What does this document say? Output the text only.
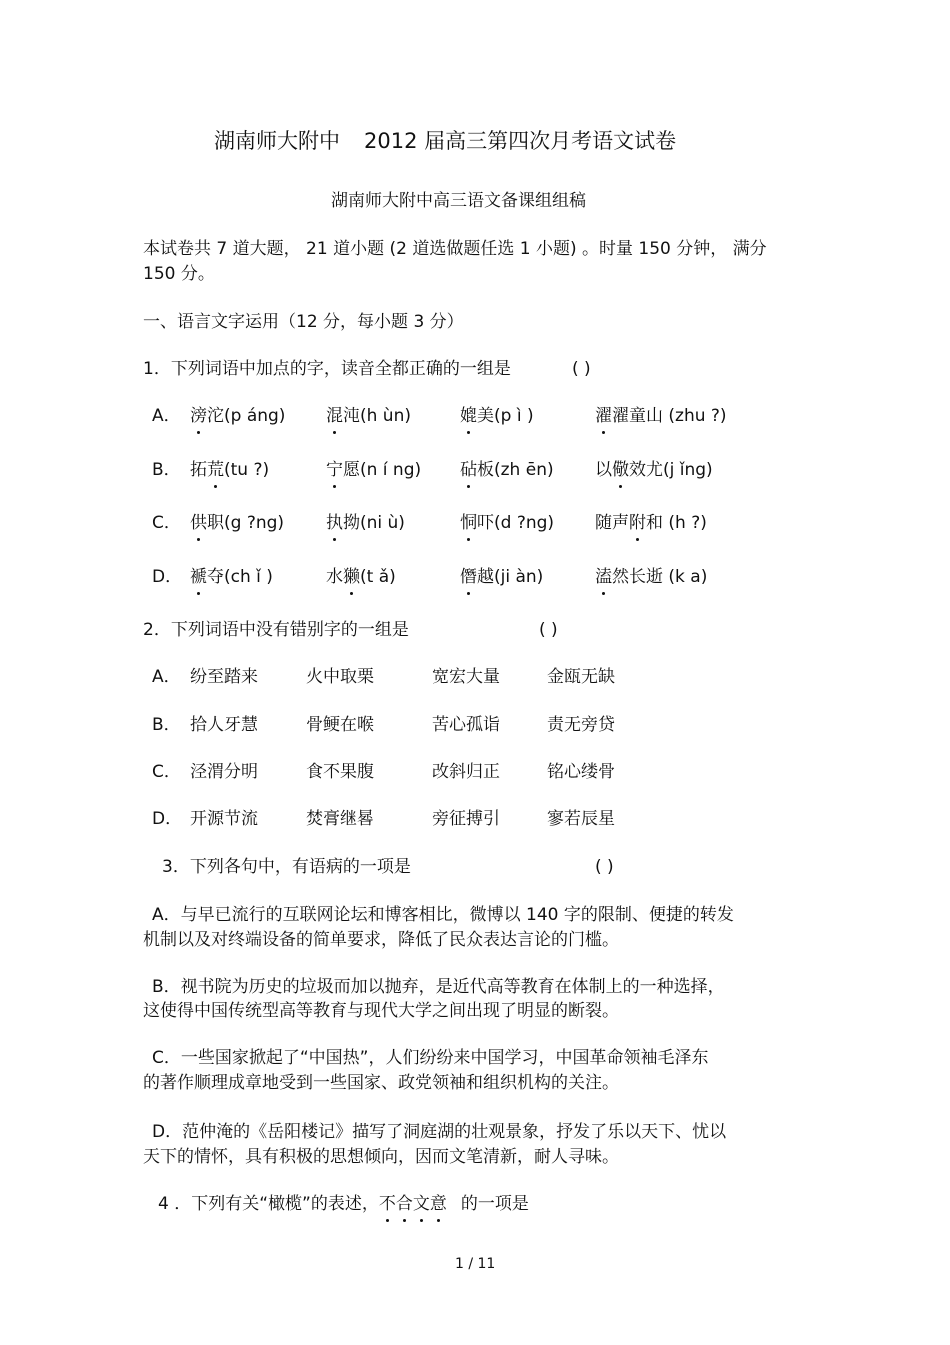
湖南师大附中 2012 届高三第四次月考语文试卷
湖南师大附中高三语文备课组组稿
本试卷共 7 道大题， 21 道小题 (2 道选做题任选 1 小题) 。时量 150 分钟， 满分
150 分。
一、语言文字运用（12 分，每小题 3 分）
1．下列词语中加点的字，读音全都正确的一组是	( )
A． 滂沱(p áng) 混沌(h ùn)	媲美(p ì )	濯濯童山 (zhu ?)
B． 拓荒(tu ?)	宁愿(n í ng) 砧板(zh ēn) 以儆效尤(j ǐng)
C． 供职(g ?ng) 执拗(ni ù)	恫吓(d ?ng) 随声附和 (h ?)
D． 褫夺(ch ǐ )	水獭(t ǎ)	僭越(ji àn)	溘然长逝 (k a)
2．下列词语中没有错别字的一组是	( )
A． 纷至踏来	火中取栗	宽宏大量	金瓯无缺
B． 拾人牙慧	骨鲠在喉	苦心孤诣	责无旁贷
C． 泾渭分明	食不果腹	改斜归正	铭心缕骨
D． 开源节流	焚膏继晷	旁征搏引	寥若辰星
3．下列各句中，有语病的一项是	( )
A．与早已流行的互联网论坛和博客相比，微博以 140 字的限制、便捷的转发
机制以及对终端设备的简单要求，降低了民众表达言论的门槛。
B．视书院为历史的垃圾而加以抛弃，是近代高等教育在体制上的一种选择，
这使得中国传统型高等教育与现代大学之间出现了明显的断裂。
C．一些国家掀起了“中国热”，人们纷纷来中国学习，中国革命领袖毛泽东
的著作顺理成章地受到一些国家、政党领袖和组织机构的关注。
D．范仲淹的《岳阳楼记》描写了洞庭湖的壮观景象，抒发了乐以天下、忧以
天下的情怀，具有积极的思想倾向，因而文笔清新，耐人寻味。
4 ．下列有关“橄榄”的表述，不合文意 的一项是
1 / 11
